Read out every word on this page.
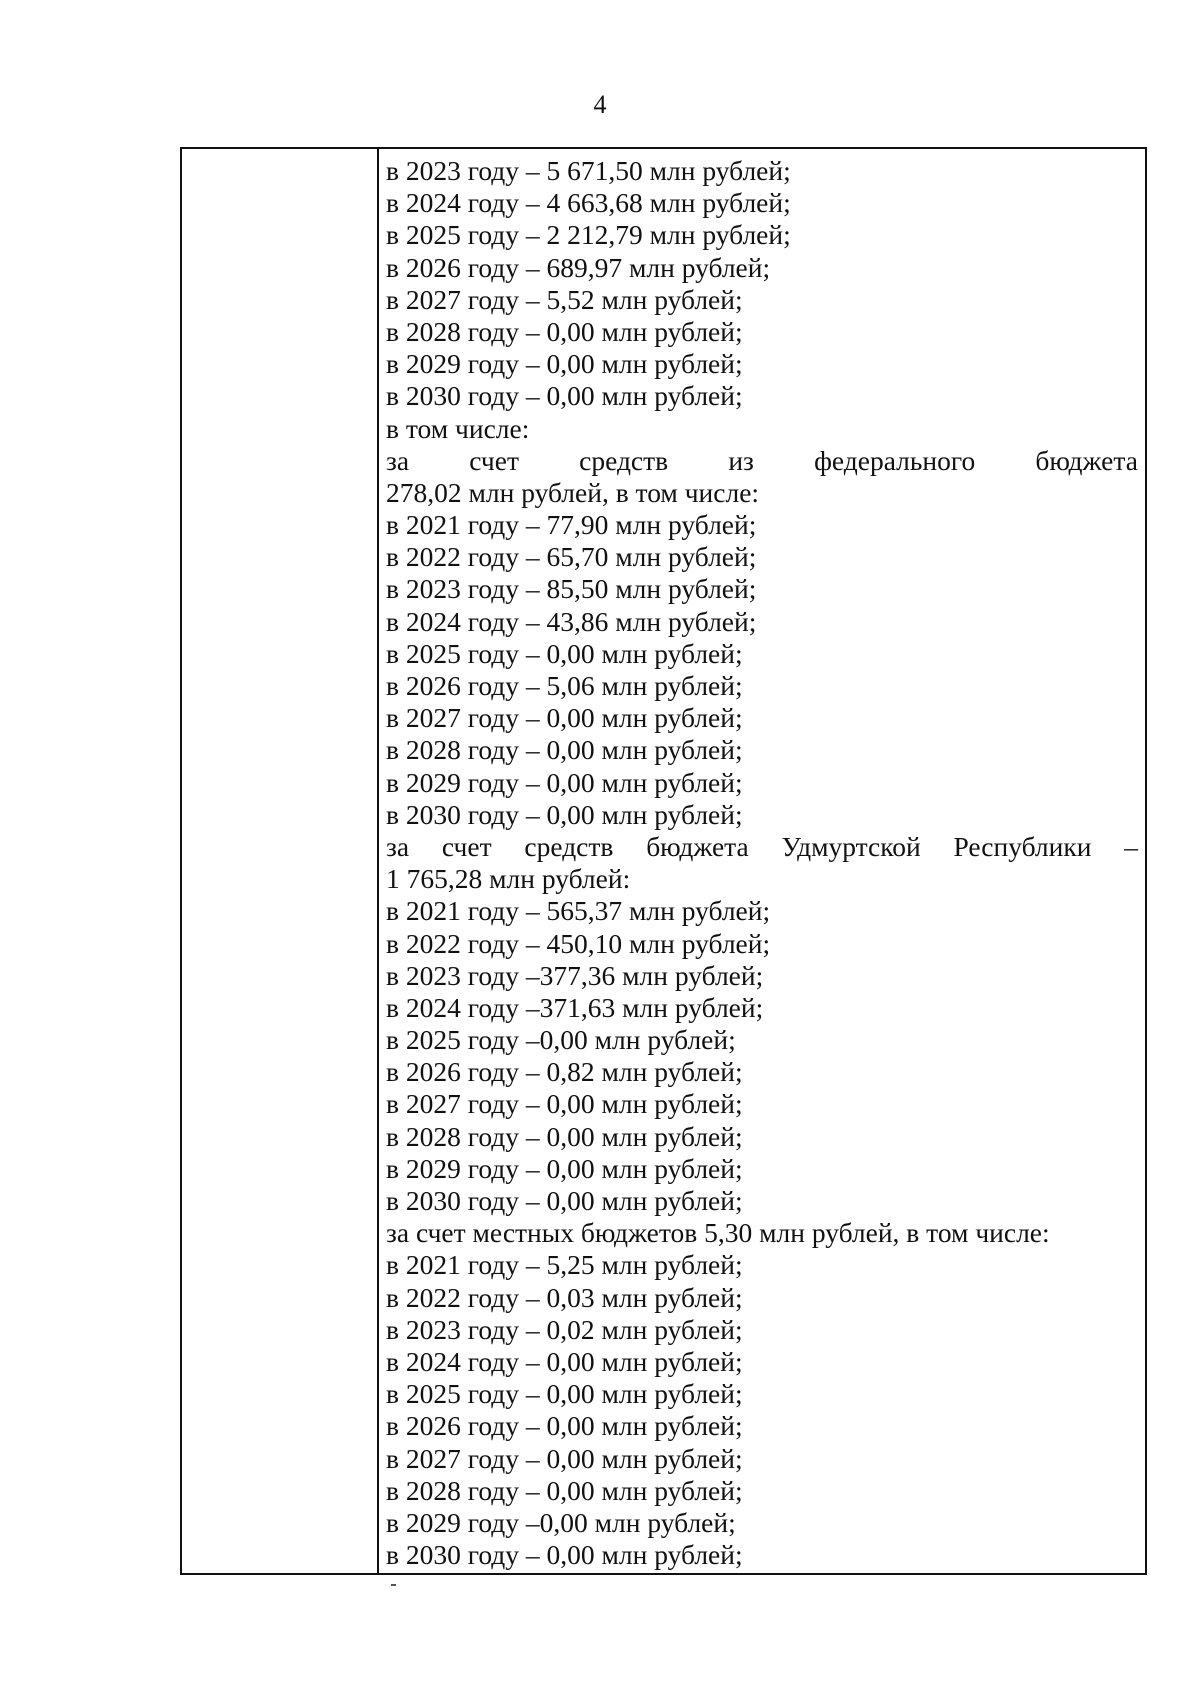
4
в 2023 году – 5 671,50 млн рублей;
в 2024 году – 4 663,68 млн рублей;
в 2025 году – 2 212,79 млн рублей;
в 2026 году – 689,97 млн рублей;
в 2027 году – 5,52 млн рублей;
в 2028 году – 0,00 млн рублей;
в 2029 году – 0,00 млн рублей;
в 2030 году – 0,00 млн рублей;
в том числе:
за счет средств из федерального бюджета
278,02 млн рублей, в том числе:
в 2021 году – 77,90 млн рублей;
в 2022 году – 65,70 млн рублей;
в 2023 году – 85,50 млн рублей;
в 2024 году – 43,86 млн рублей;
в 2025 году – 0,00 млн рублей;
в 2026 году – 5,06 млн рублей;
в 2027 году – 0,00 млн рублей;
в 2028 году – 0,00 млн рублей;
в 2029 году – 0,00 млн рублей;
в 2030 году – 0,00 млн рублей;
за счет средств бюджета Удмуртской Республики –
1 765,28 млн рублей:
в 2021 году – 565,37 млн рублей;
в 2022 году – 450,10 млн рублей;
в 2023 году –377,36 млн рублей;
в 2024 году –371,63 млн рублей;
в 2025 году –0,00 млн рублей;
в 2026 году – 0,82 млн рублей;
в 2027 году – 0,00 млн рублей;
в 2028 году – 0,00 млн рублей;
в 2029 году – 0,00 млн рублей;
в 2030 году – 0,00 млн рублей;
за счет местных бюджетов 5,30 млн рублей, в том числе:
в 2021 году – 5,25 млн рублей;
в 2022 году – 0,03 млн рублей;
в 2023 году – 0,02 млн рублей;
в 2024 году – 0,00 млн рублей;
в 2025 году – 0,00 млн рублей;
в 2026 году – 0,00 млн рублей;
в 2027 году – 0,00 млн рублей;
в 2028 году – 0,00 млн рублей;
в 2029 году –0,00 млн рублей;
в 2030 году – 0,00 млн рублей;
